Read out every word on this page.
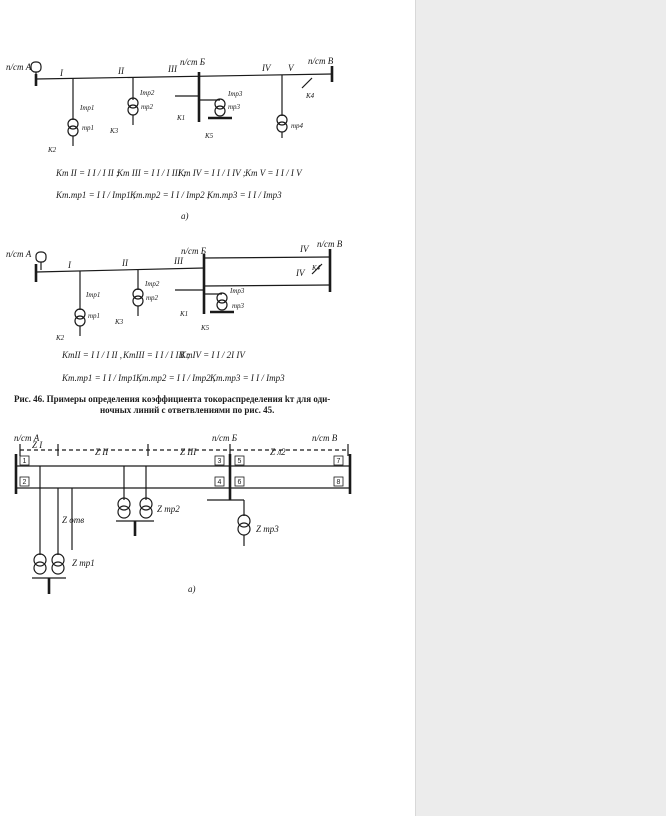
п/ст А	п/ст Б	п/ст В
I	II	III	IV V
Iтр1
тр1
K2
Iтр2
тр2
K3
Iтр3
тр3
K1
K5
тр4
K4
Kт II = I I / I II ;
Kт III = I I / I III ;
Kт IV = I I / I IV ; Kт V = I I / I V
Kт.тр1 = I I / Iтр1 ;
Kт.тр2 = I I / Iтр2 ;
Kт.тр3 = I I / Iтр3
а)
п/ст А	п/ст Б
п/ст В
I	II	III
IV
IV K4
Iтр1
тр1
K2
Iтр2
тр2
K3
Iтр3
тр3
K1
K5
KтII = I I / I II , KтIII = I I / I III ;
KтIV = I I / 2I IV
Kт.тр1 = I I / Iтр1 ,
Kт.тр2 = I I / Iтр2 ,
Kт.тр3 = I I / Iтр3
Рис. 46. Примеры определения коэффициента токораспределения kт для оди-
ночных линий с ответвлениями по рис. 45.
п/ст А	п/ст Б	п/ст В
Z I
Z II	Z III	Z л2
1
2
3
4
5
6
7
8
Z тр1
Z отв
Z тр2
Z тр3
а)
